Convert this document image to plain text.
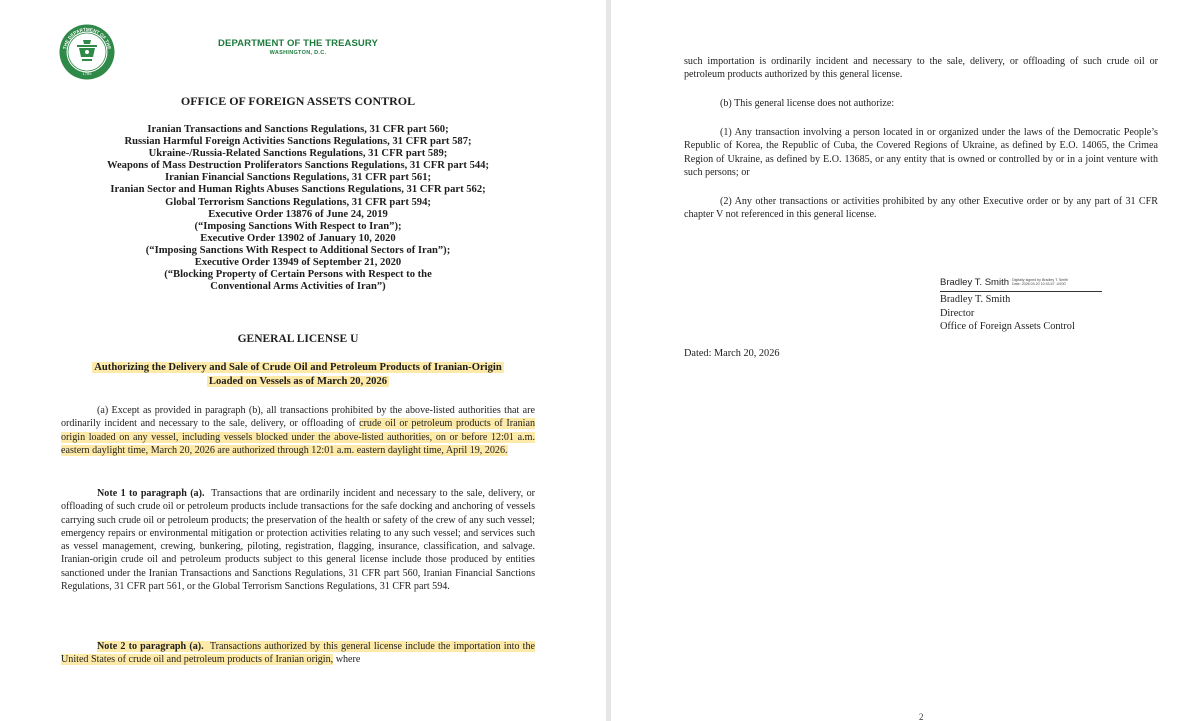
THE DEPARTMENT OF THE
TREASURY
1789
DEPARTMENT OF THE TREASURY
WASHINGTON, D.C.
OFFICE OF FOREIGN ASSETS CONTROL
Iranian Transactions and Sanctions Regulations, 31 CFR part 560;
Russian Harmful Foreign Activities Sanctions Regulations, 31 CFR part 587;
Ukraine-/Russia-Related Sanctions Regulations, 31 CFR part 589;
Weapons of Mass Destruction Proliferators Sanctions Regulations, 31 CFR part 544;
Iranian Financial Sanctions Regulations, 31 CFR part 561;
Iranian Sector and Human Rights Abuses Sanctions Regulations, 31 CFR part 562;
Global Terrorism Sanctions Regulations, 31 CFR part 594;
Executive Order 13876 of June 24, 2019
(“Imposing Sanctions With Respect to Iran”);
Executive Order 13902 of January 10, 2020
(“Imposing Sanctions With Respect to Additional Sectors of Iran”);
Executive Order 13949 of September 21, 2020
(“Blocking Property of Certain Persons with Respect to the
Conventional Arms Activities of Iran”)
GENERAL LICENSE U
Authorizing the Delivery and Sale of Crude Oil and Petroleum Products of Iranian-Origin
Loaded on Vessels as of March 20, 2026
(a) Except as provided in paragraph (b), all transactions prohibited by the above-listed authorities that are ordinarily incident and necessary to the sale, delivery, or offloading of crude oil or petroleum products of Iranian origin loaded on any vessel, including vessels blocked under the above-listed authorities, on or before 12:01 a.m. eastern daylight time, March 20, 2026 are authorized through 12:01 a.m. eastern daylight time, April 19, 2026.
Note 1 to paragraph (a). Transactions that are ordinarily incident and necessary to the sale, delivery, or offloading of such crude oil or petroleum products include transactions for the safe docking and anchoring of vessels carrying such crude oil or petroleum products; the preservation of the health or safety of the crew of any such vessel; emergency repairs or environmental mitigation or protection activities relating to any such vessel; and services such as vessel management, crewing, bunkering, piloting, registration, flagging, insurance, classification, and salvage. Iranian-origin crude oil and petroleum products subject to this general license include those produced by entities sanctioned under the Iranian Transactions and Sanctions Regulations, 31 CFR part 560, Iranian Financial Sanctions Regulations, 31 CFR part 561, or the Global Terrorism Sanctions Regulations, 31 CFR part 594.
Note 2 to paragraph (a). Transactions authorized by this general license include the importation into the United States of crude oil and petroleum products of Iranian origin, where
such importation is ordinarily incident and necessary to the sale, delivery, or offloading of such crude oil or petroleum products authorized by this general license.
(b) This general license does not authorize:
(1) Any transaction involving a person located in or organized under the laws of the Democratic People’s Republic of Korea, the Republic of Cuba, the Covered Regions of Ukraine, as defined by E.O. 14065, the Crimea Region of Ukraine, as defined by E.O. 13685, or any entity that is owned or controlled by or in a joint venture with such persons; or
(2) Any other transactions or activities prohibited by any other Executive order or by any part of 31 CFR chapter V not referenced in this general license.
Bradley T. Smith Digitally signed by Bradley T. Smith
Date: 2026.03.20 10:33:47 -04'00'
Bradley T. Smith
Director
Office of Foreign Assets Control
Dated: March 20, 2026
2
